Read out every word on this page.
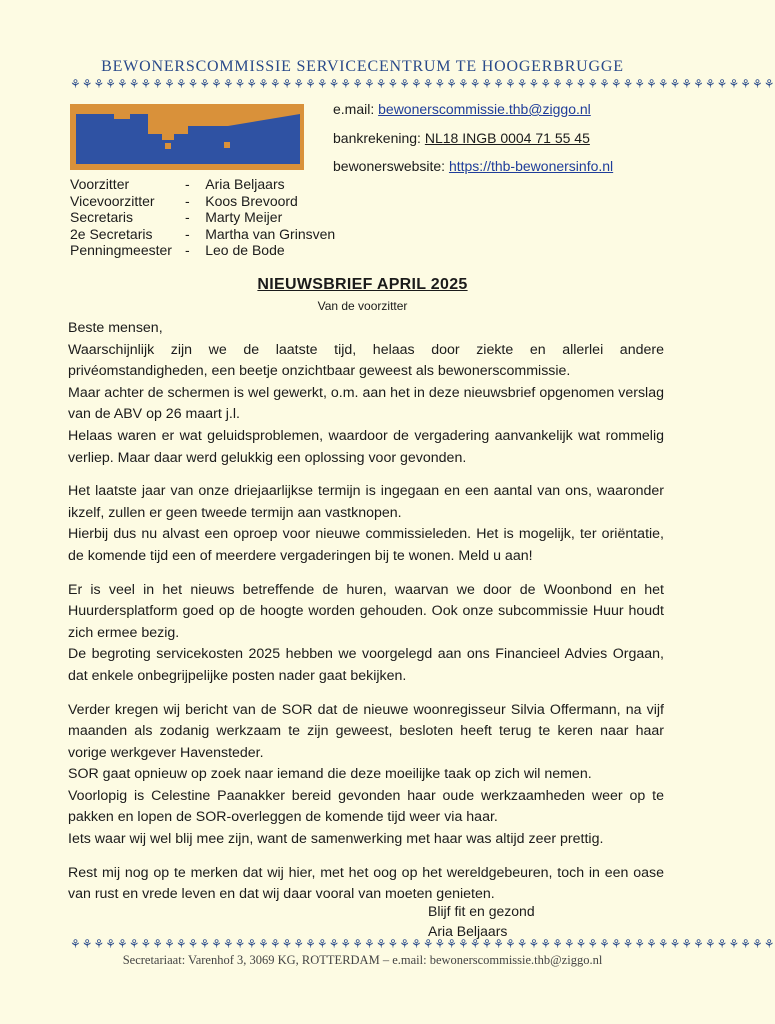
BEWONERSCOMMISSIE SERVICECENTRUM TE HOOGERBRUGGE
⚘⚘⚘⚘⚘⚘⚘⚘⚘⚘⚘⚘⚘⚘⚘⚘⚘⚘⚘⚘⚘⚘⚘⚘⚘⚘⚘⚘⚘⚘⚘⚘⚘⚘⚘⚘⚘⚘⚘⚘⚘⚘⚘⚘⚘⚘⚘⚘⚘⚘⚘⚘⚘⚘⚘⚘⚘⚘⚘⚘
e.mail: bewonerscommissie.thb@ziggo.nl
bankrekening: NL18 INGB 0004 71 55 45
bewonerswebsite: https://thb-bewonersinfo.nl
Voorzitter	- Aria Beljaars
Vicevoorzitter - Koos Brevoord
Secretaris	- Marty Meijer
2e Secretaris - Martha van Grinsven
Penningmeester - Leo de Bode
NIEUWSBRIEF APRIL 2025
Van de voorzitter

Beste mensen,
Waarschijnlijk zijn we de laatste tijd, helaas door ziekte en allerlei andere privéomstandigheden, een beetje onzichtbaar geweest als bewonerscommissie.
Maar achter de schermen is wel gewerkt, o.m. aan het in deze nieuwsbrief opgenomen verslag van de ABV op 26 maart j.l.
Helaas waren er wat geluidsproblemen, waardoor de vergadering aanvankelijk wat rommelig verliep. Maar daar werd gelukkig een oplossing voor gevonden.

Het laatste jaar van onze driejaarlijkse termijn is ingegaan en een aantal van ons, waaronder ikzelf, zullen er geen tweede termijn aan vastknopen.
Hierbij dus nu alvast een oproep voor nieuwe commissieleden. Het is mogelijk, ter oriëntatie, de komende tijd een of meerdere vergaderingen bij te wonen. Meld u aan!

Er is veel in het nieuws betreffende de huren, waarvan we door de Woonbond en het Huurdersplatform goed op de hoogte worden gehouden. Ook onze subcommissie Huur houdt zich ermee bezig.
De begroting servicekosten 2025 hebben we voorgelegd aan ons Financieel Advies Orgaan, dat enkele onbegrijpelijke posten nader gaat bekijken.

Verder kregen wij bericht van de SOR dat de nieuwe woonregisseur Silvia Offermann, na vijf maanden als zodanig werkzaam te zijn geweest, besloten heeft terug te keren naar haar vorige werkgever Havensteder.
SOR gaat opnieuw op zoek naar iemand die deze moeilijke taak op zich wil nemen.
Voorlopig is Celestine Paanakker bereid gevonden haar oude werkzaamheden weer op te pakken en lopen de SOR-overleggen de komende tijd weer via haar.
Iets waar wij wel blij mee zijn, want de samenwerking met haar was altijd zeer prettig.

Rest mij nog op te merken dat wij hier, met het oog op het wereldgebeuren, toch in een oase van rust en vrede leven en dat wij daar vooral van moeten genieten.

Blijf fit en gezond
Aria Beljaars
⚘⚘⚘⚘⚘⚘⚘⚘⚘⚘⚘⚘⚘⚘⚘⚘⚘⚘⚘⚘⚘⚘⚘⚘⚘⚘⚘⚘⚘⚘⚘⚘⚘⚘⚘⚘⚘⚘⚘⚘⚘⚘⚘⚘⚘⚘⚘⚘⚘⚘⚘⚘⚘⚘⚘⚘⚘⚘⚘⚘
Secretariaat: Varenhof 3, 3069 KG, ROTTERDAM – e.mail: bewonerscommissie.thb@ziggo.nl
